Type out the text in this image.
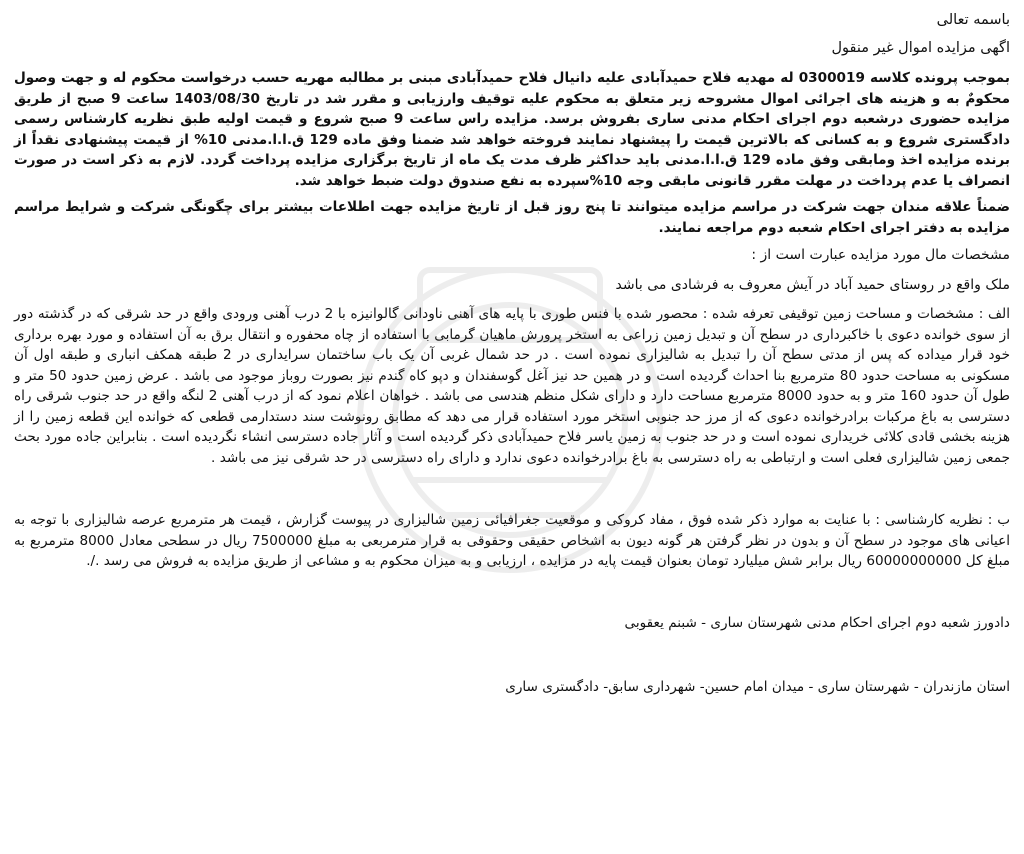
باسمه تعالی

اگهی مزایده اموال غیر منقول

بموجب پرونده کلاسه 0300019 له مهدیه فلاح حمیدآبادی علیه دانیال فلاح حمیدآبادی مبنی بر مطالبه مهریه حسب درخواست محکوم له و جهت وصول محکومٌ به و هزینه های اجرائی اموال مشروحه زیر متعلق به محکوم علیه توقیف وارزیابی و مقرر شد در تاریخ 1403/08/30 ساعت 9 صبح از طریق مزایده حضوری درشعبه دوم اجرای احکام مدنی ساری بفروش برسد. مزایده راس ساعت 9 صبح شروع و قیمت اولیه طبق نظریه کارشناس رسمی دادگستری شروع و به کسانی که بالاترین قیمت را پیشنهاد نمایند فروخته خواهد شد ضمنا وفق ماده 129 ق.ا.ا.مدنی 10% از قیمت پیشنهادی نقداً از برنده مزایده اخذ ومابقی وفق ماده 129 ق.ا.ا.مدنی باید حداکثر ظرف مدت یک ماه از تاریخ برگزاری مزایده پرداخت گردد. لازم به ذکر است در صورت انصراف یا عدم پرداخت در مهلت مقرر قانونی مابقی وجه 10%سپرده به نفع صندوق دولت ضبط خواهد شد.

ضمناً علاقه مندان جهت شرکت در مراسم مزایده میتوانند تا پنج روز قبل از تاریخ مزایده جهت اطلاعات بیشتر برای چگونگی شرکت و شرایط مراسم مزایده به دفتر اجرای احکام شعبه دوم مراجعه نمایند.

مشخصات مال مورد مزایده عبارت است از :

ملک واقع در روستای حمید آباد در آیش معروف به فرشادی می باشد

الف : مشخصات و مساحت زمین توقیفی تعرفه شده : محصور شده با فنس طوری با پایه های آهنی ناودانی گالوانیزه با 2 درب آهنی ورودی واقع در حد شرقی که در گذشته دور از سوی خوانده دعوی با خاکبرداری در سطح آن و تبدیل زمین زراعی به استخر پرورش ماهیان گرمابی با استفاده از چاه محفوره و انتقال برق به آن استفاده و مورد بهره برداری خود قرار میداده که پس از مدتی سطح آن را تبدیل به شالیزاری نموده است . در حد شمال غربی آن یک باب ساختمان سرایداری در 2 طبقه همکف انباری و طبقه اول آن مسکونی به مساحت حدود 80 مترمربع بنا احداث گردیده است و در همین حد نیز آغل گوسفندان و دپو کاه گندم نیز بصورت روباز موجود می باشد . عرض زمین حدود 50 متر و طول آن حدود 160 متر و به حدود 8000 مترمربع مساحت دارد و دارای شکل منظم هندسی می باشد . خواهان اعلام نمود که از درب آهنی 2 لنگه واقع در حد جنوب شرقی راه دسترسی به باغ مرکبات برادرخوانده دعوی که از مرز حد جنوبی استخر مورد استفاده قرار می دهد که مطابق رونوشت سند دستدارمی قطعی که خوانده این قطعه زمین را از هزینه بخشی قادی کلائی خریداری نموده است و در حد جنوب به زمین یاسر فلاح حمیدآبادی ذکر گردیده است و آثار جاده دسترسی انشاء نگردیده است . بنابراین جاده مورد بحث جمعی زمین شالیزاری فعلی است و ارتباطی به راه دسترسی به باغ برادرخوانده دعوی ندارد و دارای راه دسترسی در حد شرقی نیز می باشد .

ب : نظریه کارشناسی : با عنایت به موارد ذکر شده فوق ، مفاد کروکی و موقعیت جغرافیائی زمین شالیزاری در پیوست گزارش ، قیمت هر مترمربع عرصه شالیزاری با توجه به اعیانی های موجود در سطح آن و بدون در نظر گرفتن هر گونه دیون به اشخاص حقیقی وحقوقی به قرار مترمربعی به مبلغ 7500000 ریال در سطحی معادل 8000 مترمربع به مبلغ کل 60000000000 ریال برابر شش میلیارد تومان بعنوان قیمت پایه در مزایده ، ارزیابی و به میزان محکوم به و مشاعی از طریق مزایده به فروش می رسد ./.

دادورز شعبه دوم اجرای احکام مدنی شهرستان ساری - شبنم یعقوبی

استان مازندران - شهرستان ساری - میدان امام حسین- شهرداری سابق- دادگستری ساری
